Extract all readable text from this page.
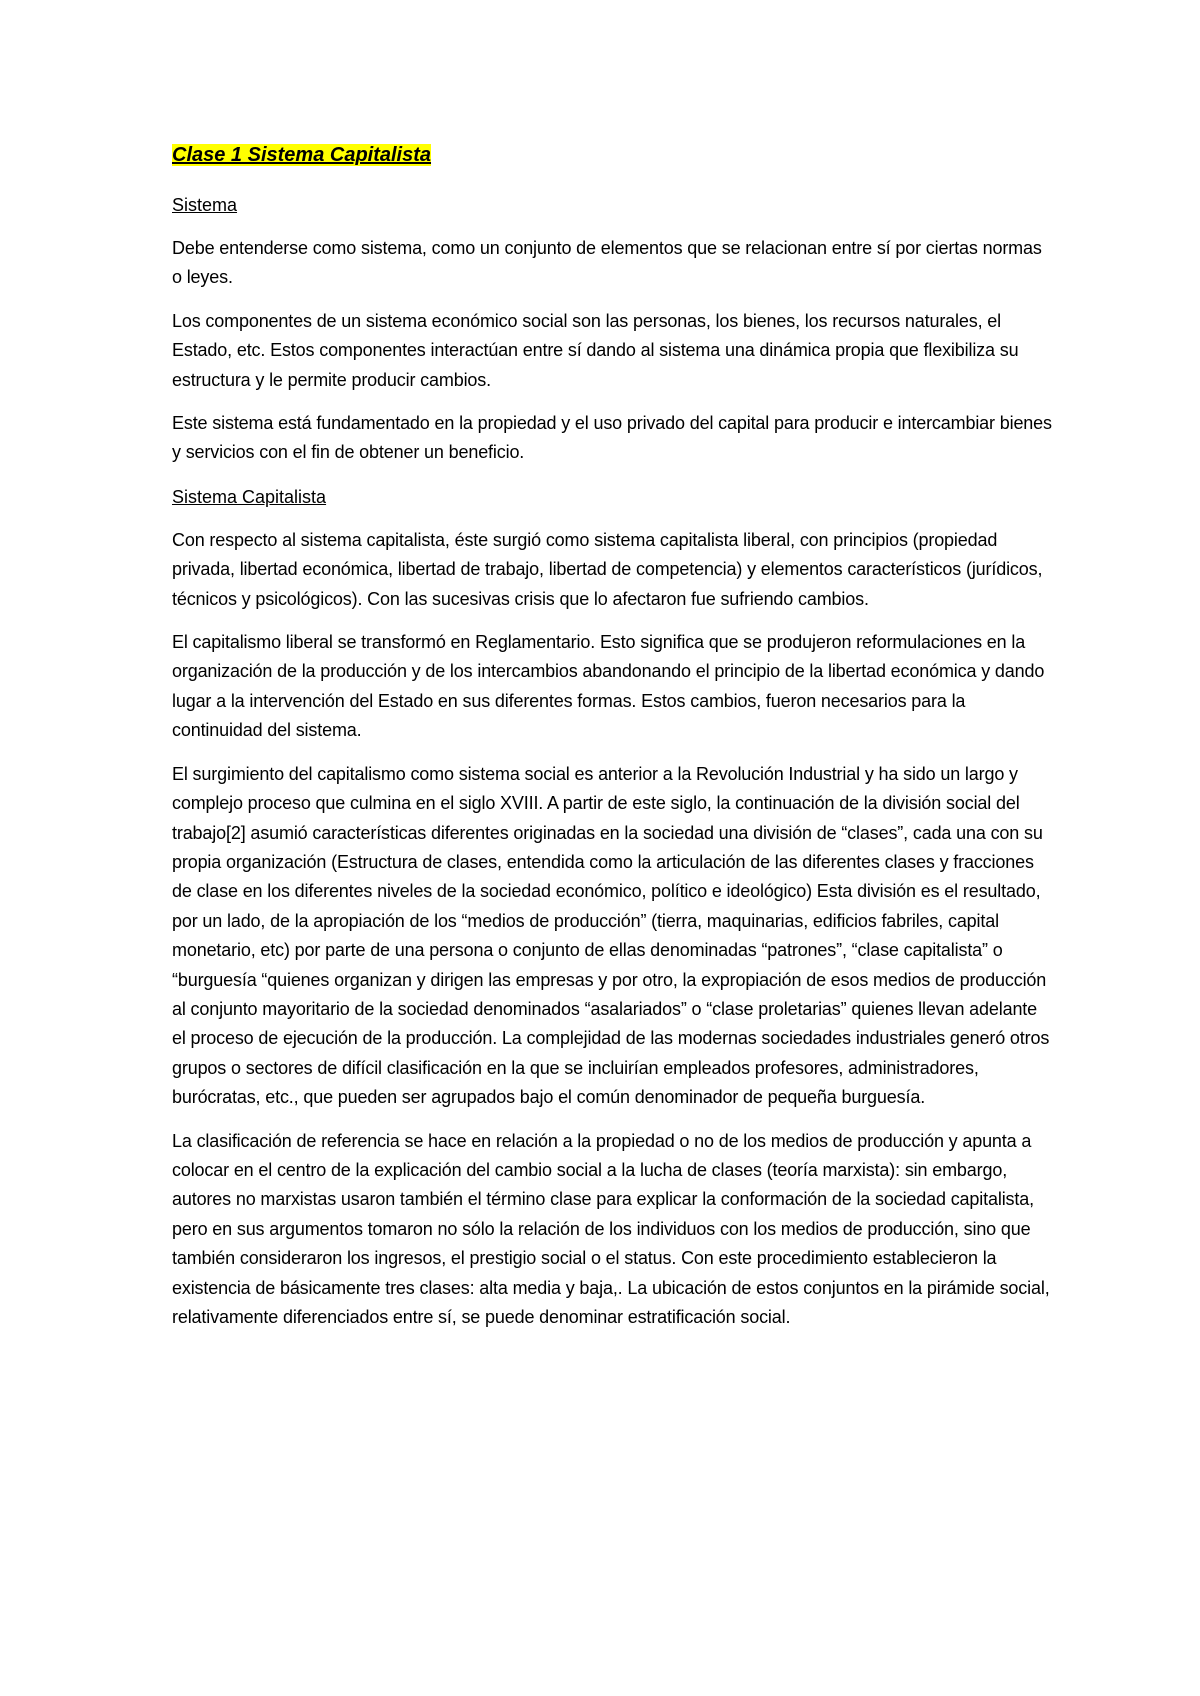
Clase 1 Sistema Capitalista
Sistema

Debe entenderse como sistema, como un conjunto de elementos que se relacionan entre sí por ciertas normas o leyes.

Los componentes de un sistema económico social son las personas, los bienes, los recursos naturales, el Estado, etc. Estos componentes interactúan entre sí dando al sistema una dinámica propia que flexibiliza su estructura y le permite producir cambios.

Este sistema está fundamentado en la propiedad y el uso privado del capital para producir e intercambiar bienes y servicios con el fin de obtener un beneficio.

Sistema Capitalista

Con respecto al sistema capitalista, éste surgió como sistema capitalista liberal, con principios (propiedad privada, libertad económica, libertad de trabajo, libertad de competencia) y elementos característicos (jurídicos, técnicos y psicológicos). Con las sucesivas crisis que lo afectaron fue sufriendo cambios.

El capitalismo liberal se transformó en Reglamentario. Esto significa que se produjeron reformulaciones en la organización de la producción y de los intercambios abandonando el principio de la libertad económica y dando lugar a la intervención del Estado en sus diferentes formas. Estos cambios, fueron necesarios para la continuidad del sistema.

El surgimiento del capitalismo como sistema social es anterior a la Revolución Industrial y ha sido un largo y complejo proceso que culmina en el siglo XVIII. A partir de este siglo, la continuación de la división social del trabajo[2] asumió características diferentes originadas en la sociedad una división de “clases”, cada una con su propia organización (Estructura de clases, entendida como la articulación de las diferentes clases y fracciones de clase en los diferentes niveles de la sociedad económico, político e ideológico) Esta división es el resultado, por un lado, de la apropiación de los “medios de producción” (tierra, maquinarias, edificios fabriles, capital monetario, etc) por parte de una persona o conjunto de ellas denominadas “patrones”, “clase capitalista” o “burguesía “quienes organizan y dirigen las empresas y por otro, la expropiación de esos medios de producción al conjunto mayoritario de la sociedad denominados “asalariados” o “clase proletarias” quienes llevan adelante el proceso de ejecución de la producción. La complejidad de las modernas sociedades industriales generó otros grupos o sectores de difícil clasificación en la que se incluirían empleados profesores, administradores, burócratas, etc., que pueden ser agrupados bajo el común denominador de pequeña burguesía.

La clasificación de referencia se hace en relación a la propiedad o no de los medios de producción y apunta a colocar en el centro de la explicación del cambio social a la lucha de clases (teoría marxista): sin embargo, autores no marxistas usaron también el término clase para explicar la conformación de la sociedad capitalista, pero en sus argumentos tomaron no sólo la relación de los individuos con los medios de producción, sino que también consideraron los ingresos, el prestigio social o el status. Con este procedimiento establecieron la existencia de básicamente tres clases: alta media y baja,. La ubicación de estos conjuntos en la pirámide social, relativamente diferenciados entre sí, se puede denominar estratificación social.
